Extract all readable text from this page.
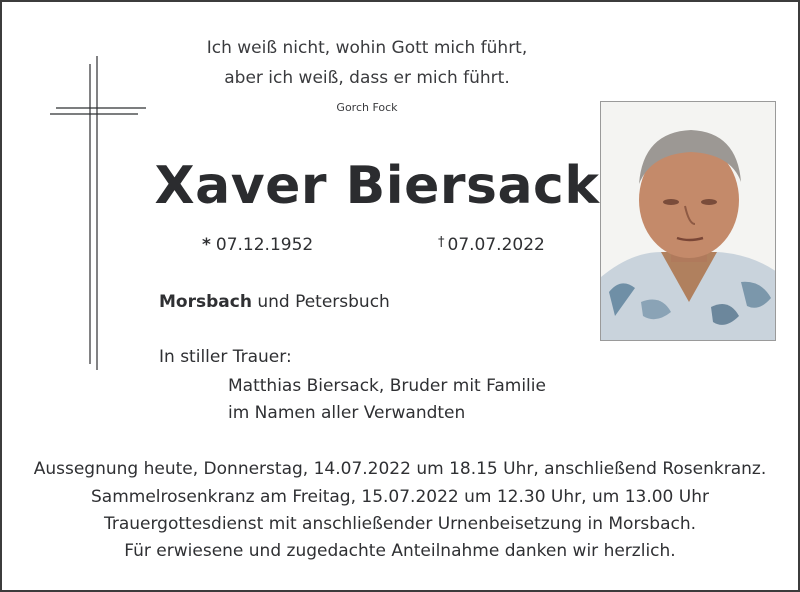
Ich weiß nicht, wohin Gott mich führt,
aber ich weiß, dass er mich führt.
Gorch Fock
Xaver Biersack
* 07.12.1952	† 07.07.2022
Morsbach und Petersbuch
In stiller Trauer:
Matthias Biersack, Bruder mit Familie
im Namen aller Verwandten
Aussegnung heute, Donnerstag, 14.07.2022 um 18.15 Uhr, anschließend Rosenkranz.
Sammelrosenkranz am Freitag, 15.07.2022 um 12.30 Uhr, um 13.00 Uhr
Trauergottesdienst mit anschließender Urnenbeisetzung in Morsbach.
Für erwiesene und zugedachte Anteilnahme danken wir herzlich.
